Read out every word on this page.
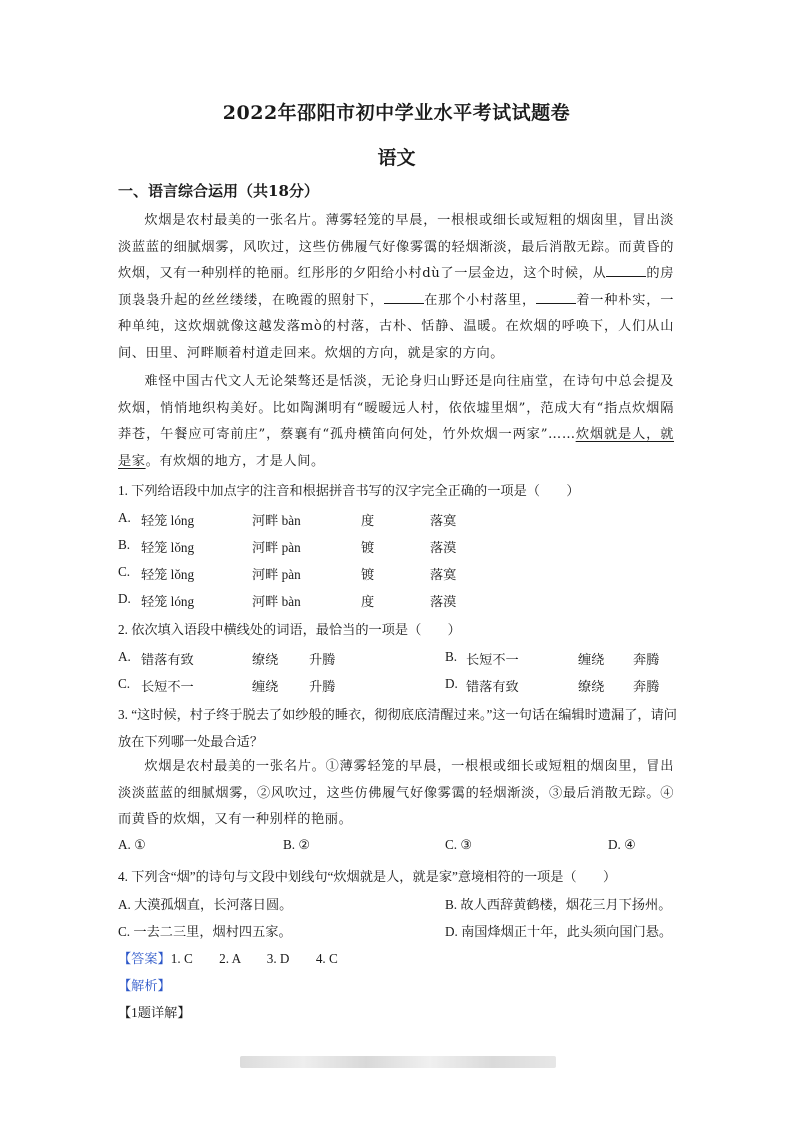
2022年邵阳市初中学业水平考试试题卷
语文
一、语言综合运用（共18分）

炊烟是农村最美的一张名片。薄雾轻笼的早晨，一根根或细长或短粗的烟囱里，冒出淡淡蓝蓝的细腻烟雾，风吹过，这些仿佛履气好像雾霭的轻烟渐淡，最后消散无踪。而黄昏的炊烟，又有一种别样的艳丽。红彤彤的夕阳给小村dù了一层金边，这个时候，从	的房顶袅袅升起的丝丝缕缕，在晚霞的照射下，	在那个小村落里，	着一种朴实，一种单纯，这炊烟就像这越发落mò的村落，古朴、恬静、温暖。在炊烟的呼唤下，人们从山间、田里、河畔顺着村道走回来。炊烟的方向，就是家的方向。

难怪中国古代文人无论桀骜还是恬淡，无论身归山野还是向往庙堂，在诗句中总会提及炊烟，悄悄地织构美好。比如陶渊明有“暧暧远人村，依依墟里烟”，范成大有“指点炊烟隔莽苍，午餐应可寄前庄”，蔡襄有“孤舟横笛向何处，竹外炊烟一两家”……炊烟就是人，就是家。有炊烟的地方，才是人间。

1. 下列给语段中加点字的注音和根据拼音书写的汉字完全正确的一项是（　　）
A. 轻笼 lóng	河畔 bàn	度	落寞
B. 轻笼 lǒng	河畔 pàn	镀	落漠
C. 轻笼 lǒng	河畔 pàn	镀	落寞
D. 轻笼 lóng	河畔 bàn	度	落漠
2. 依次填入语段中横线处的词语，最恰当的一项是（　　）
A. 错落有致	缭绕 升腾	B. 长短不一	缠绕 奔腾
C. 长短不一	缠绕 升腾	D. 错落有致	缭绕 奔腾
3. “这时候，村子终于脱去了如纱般的睡衣，彻彻底底清醒过来。”这一句话在编辑时遗漏了，请问放在下列哪一处最合适？

炊烟是农村最美的一张名片。①薄雾轻笼的早晨，一根根或细长或短粗的烟囱里，冒出淡淡蓝蓝的细腻烟雾，②风吹过，这些仿佛履气好像雾霭的轻烟渐淡，③最后消散无踪。④而黄昏的炊烟，又有一种别样的艳丽。

A. ①	B. ②	C. ③	D. ④
4. 下列含“烟”的诗句与文段中划线句“炊烟就是人，就是家”意境相符的一项是（　　）
A. 大漠孤烟直，长河落日圆。	B. 故人西辞黄鹤楼，烟花三月下扬州。
C. 一去二三里，烟村四五家。	D. 南国烽烟正十年，此头须向国门悬。
【答案】1. C　　2. A　　3. D　　4. C
【解析】
【1题详解】
